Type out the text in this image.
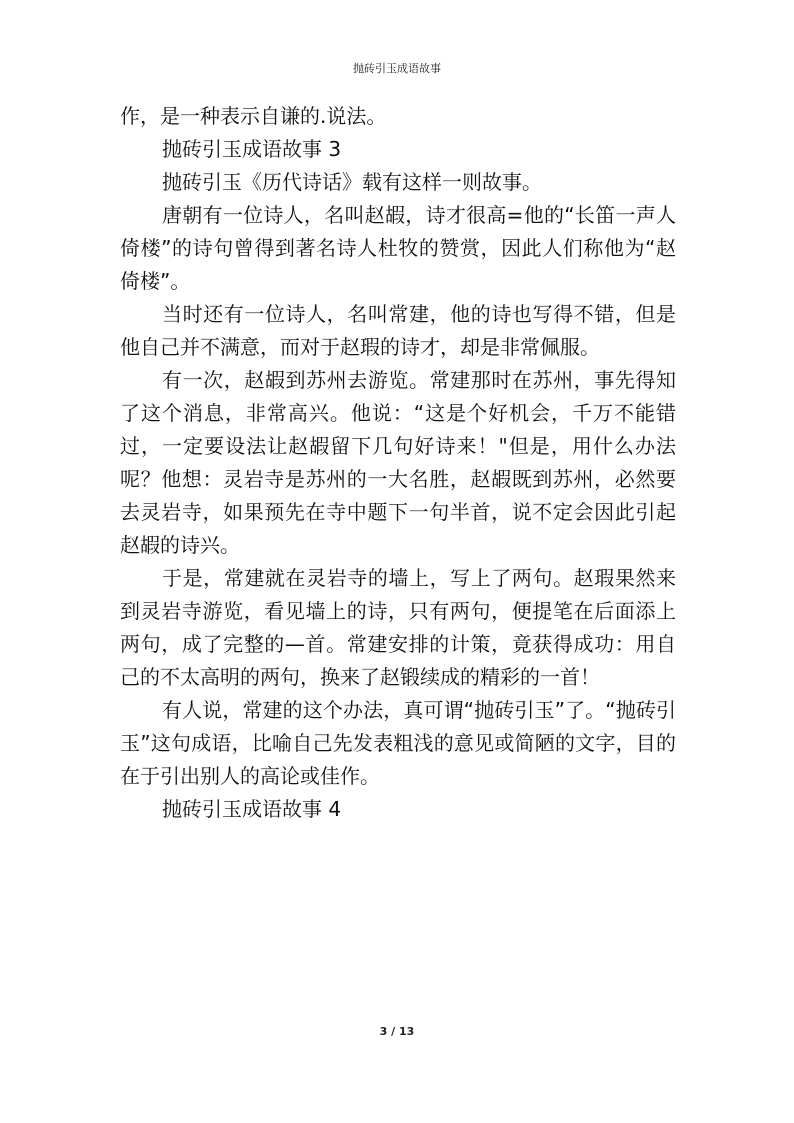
抛砖引玉成语故事

作，是一种表示自谦的.说法。

抛砖引玉成语故事 3

抛砖引玉《历代诗话》载有这样一则故事。

唐朝有一位诗人，名叫赵嘏，诗才很高=他的“长笛一声人倚楼”的诗句曾得到著名诗人杜牧的赞赏，因此人们称他为“赵倚楼”。

当时还有一位诗人，名叫常建，他的诗也写得不错，但是他自己并不满意，而对于赵瑕的诗才，却是非常佩服。

有一次，赵嘏到苏州去游览。常建那时在苏州，事先得知了这个消息，非常高兴。他说：“这是个好机会，千万不能错过，一定要设法让赵嘏留下几句好诗来！"但是，用什么办法呢？他想：灵岩寺是苏州的一大名胜，赵嘏既到苏州，必然要去灵岩寺，如果预先在寺中题下一句半首，说不定会因此引起赵嘏的诗兴。

于是，常建就在灵岩寺的墙上，写上了两句。赵瑕果然来到灵岩寺游览，看见墙上的诗，只有两句，便提笔在后面添上两句，成了完整的—首。常建安排的计策，竟获得成功：用自己的不太高明的两句，换来了赵锻续成的精彩的一首！

有人说，常建的这个办法，真可谓“抛砖引玉”了。“抛砖引玉”这句成语，比喻自己先发表粗浅的意见或简陋的文字，目的在于引出别人的高论或佳作。

抛砖引玉成语故事 4

3 / 13
